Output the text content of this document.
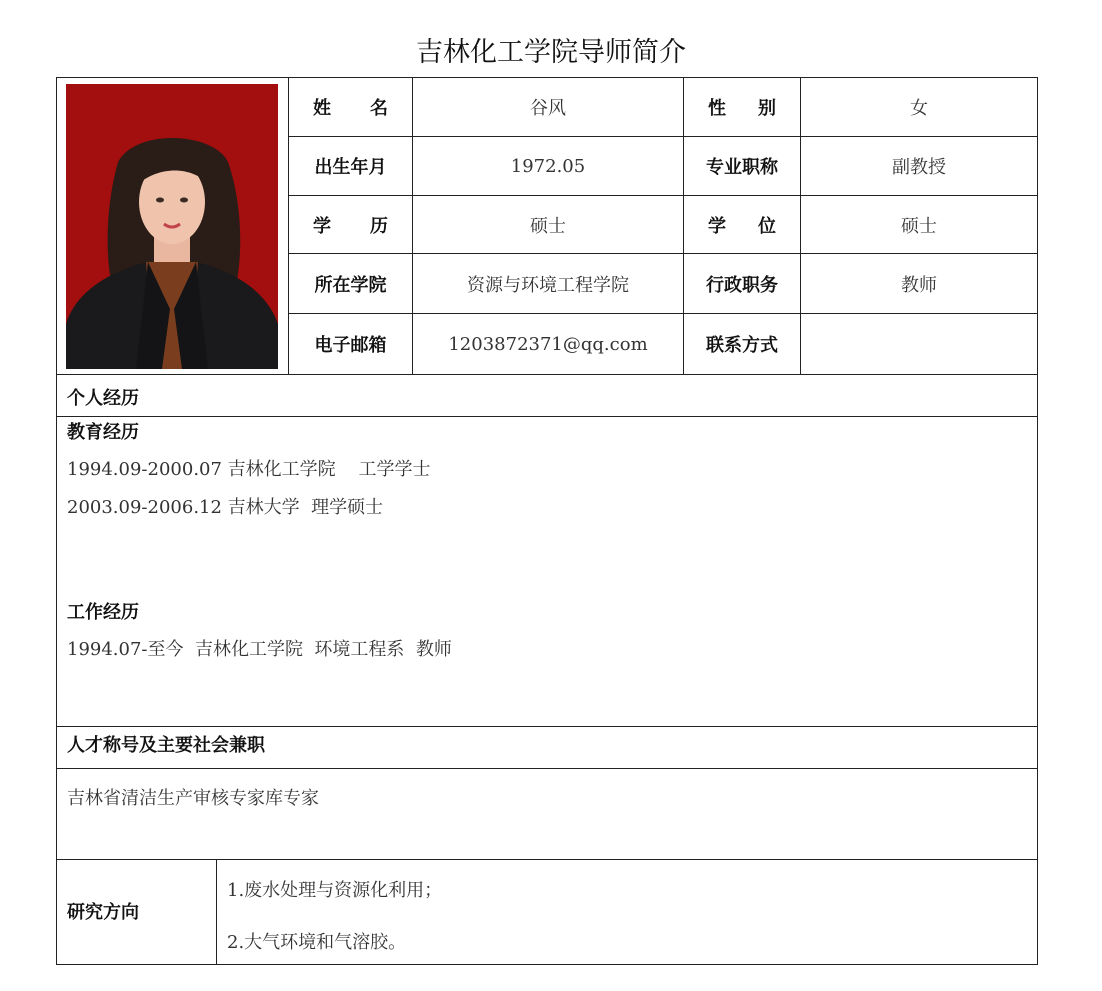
吉林化工学院导师简介
姓 名	谷风	性 别	女
出生年月	1972.05	专业职称	副教授
学 历	硕士	学 位	硕士
所在学院	资源与环境工程学院	行政职务	教师
电子邮箱	1203872371@qq.com	联系方式
个人经历
教育经历
1994.09-2000.07 吉林化工学院    工学学士
2003.09-2006.12 吉林大学  理学硕士
工作经历
1994.07-至今  吉林化工学院  环境工程系  教师
人才称号及主要社会兼职
吉林省清洁生产审核专家库专家
研究方向
1.废水处理与资源化利用；
2.大气环境和气溶胶。
